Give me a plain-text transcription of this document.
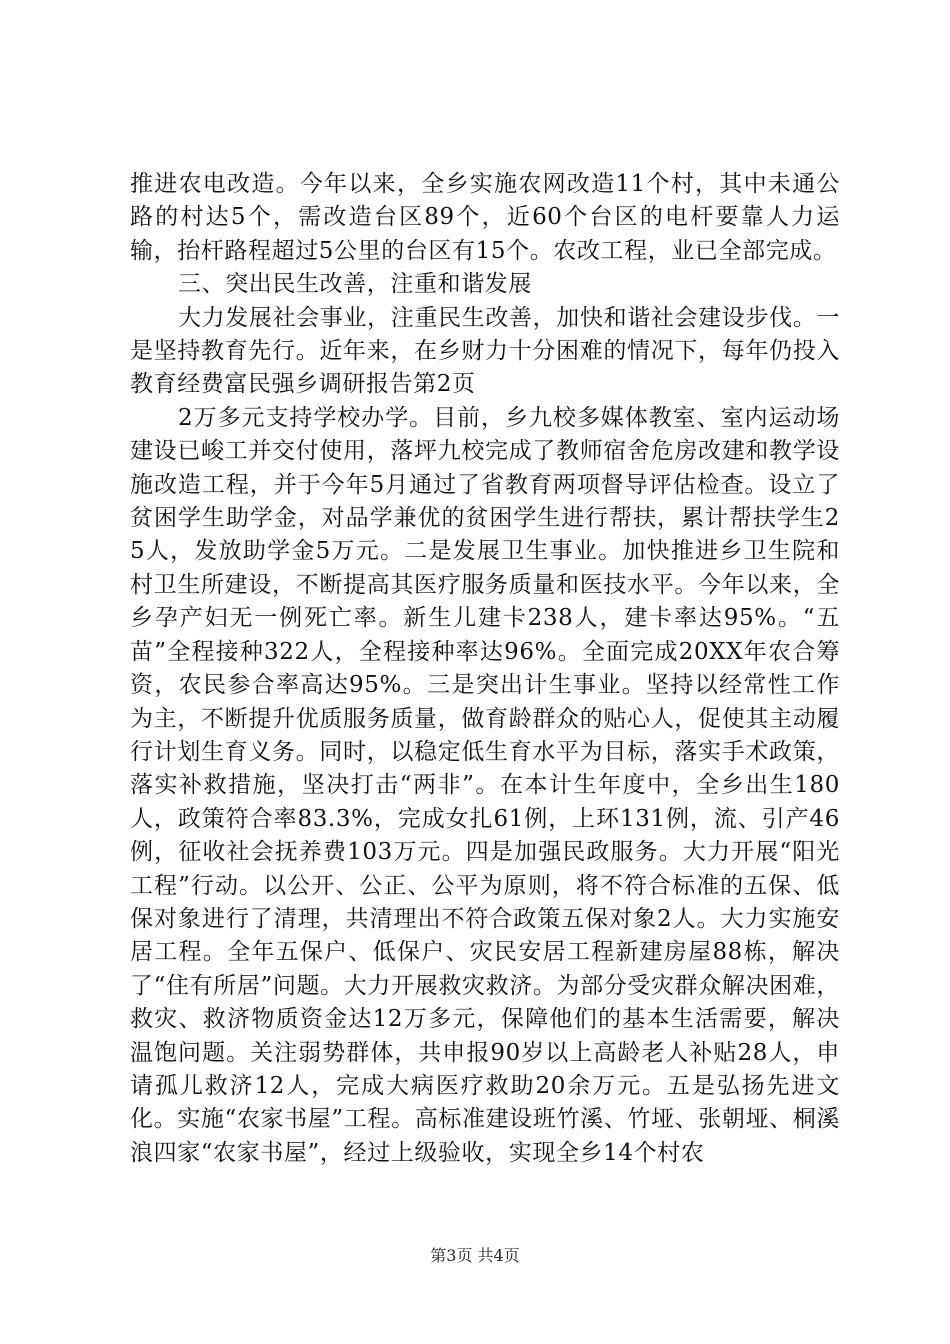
推进农电改造。今年以来，全乡实施农网改造11个村，其中未通公路的村达5个，需改造台区89个，近60个台区的电杆要靠人力运输，抬杆路程超过5公里的台区有15个。农改工程，业已全部完成。

三、突出民生改善，注重和谐发展

大力发展社会事业，注重民生改善，加快和谐社会建设步伐。一是坚持教育先行。近年来，在乡财力十分困难的情况下，每年仍投入教育经费富民强乡调研报告第2页

2万多元支持学校办学。目前，乡九校多媒体教室、室内运动场建设已峻工并交付使用，落坪九校完成了教师宿舍危房改建和教学设施改造工程，并于今年5月通过了省教育两项督导评估检查。设立了贫困学生助学金，对品学兼优的贫困学生进行帮扶，累计帮扶学生25人，发放助学金5万元。二是发展卫生事业。加快推进乡卫生院和村卫生所建设，不断提高其医疗服务质量和医技水平。今年以来，全乡孕产妇无一例死亡率。新生儿建卡238人，建卡率达95%。“五苗”全程接种322人，全程接种率达96%。全面完成20XX年农合筹资，农民参合率高达95%。三是突出计生事业。坚持以经常性工作为主，不断提升优质服务质量，做育龄群众的贴心人，促使其主动履行计划生育义务。同时，以稳定低生育水平为目标，落实手术政策，落实补救措施，坚决打击“两非”。在本计生年度中，全乡出生180人，政策符合率83.3%，完成女扎61例，上环131例，流、引产46例，征收社会抚养费103万元。四是加强民政服务。大力开展“阳光工程”行动。以公开、公正、公平为原则，将不符合标准的五保、低保对象进行了清理，共清理出不符合政策五保对象2人。大力实施安居工程。全年五保户、低保户、灾民安居工程新建房屋88栋，解决了“住有所居”问题。大力开展救灾救济。为部分受灾群众解决困难，救灾、救济物质资金达12万多元，保障他们的基本生活需要，解决温饱问题。关注弱势群体，共申报90岁以上高龄老人补贴28人，申请孤儿救济12人，完成大病医疗救助20余万元。五是弘扬先进文化。实施“农家书屋”工程。高标准建设班竹溪、竹垭、张朝垭、桐溪浪四家“农家书屋”，经过上级验收，实现全乡14个村农

第3页 共4页
